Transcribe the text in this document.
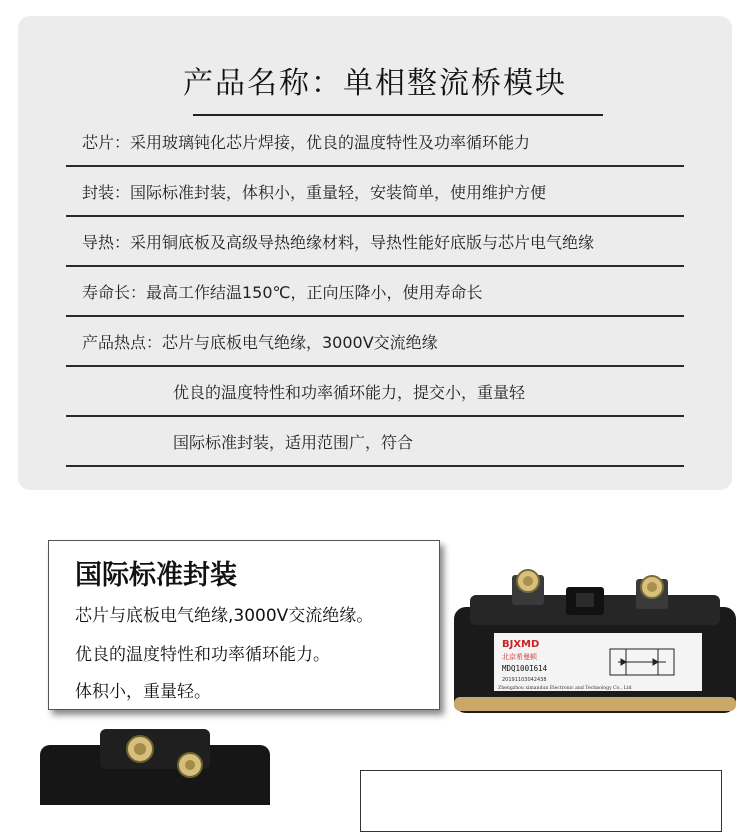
产品名称：单相整流桥模块
芯片：采用玻璃钝化芯片焊接，优良的温度特性及功率循环能力
封装：国际标准封装，体积小，重量轻，安装简单，使用维护方便
导热：采用铜底板及高级导热绝缘材料，导热性能好底版与芯片电气绝缘
寿命长：最高工作结温150℃，正向压降小，使用寿命长
产品热点：芯片与底板电气绝缘，3000V交流绝缘
优良的温度特性和功率循环能力，提交小，重量轻
国际标准封装，适用范围广，符合
国际标准封装
芯片与底板电气绝缘,3000V交流绝缘。
优良的温度特性和功率循环能力。
体积小，重量轻。
BJXMD
北京希曼顿
MDQ100I614
20191103042438
Zhengzhou ximandun Electronic and Technology Co., Ltd
